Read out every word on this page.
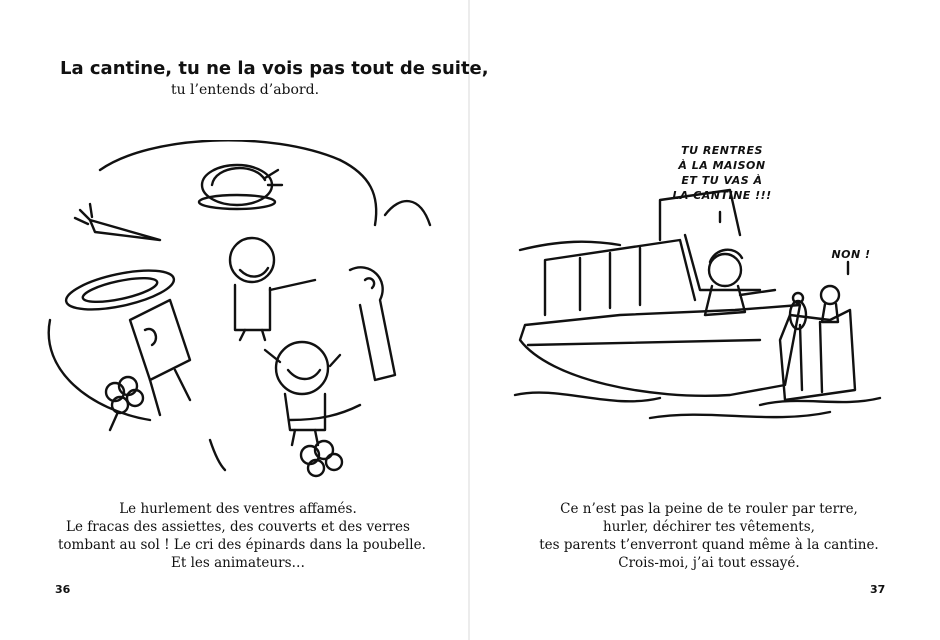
La cantine, tu ne la vois pas tout de suite,
tu l’entends d’abord.
Le hurlement des ventres affamés.
Le fracas des assiettes, des couverts et des verres
tombant au sol ! Le cri des épinards dans la poubelle.
Et les animateurs…
36
TU RENTRES
À LA MAISON
ET TU VAS À
LA CANTINE !!!
NON !
Ce n’est pas la peine de te rouler par terre,
hurler, déchirer tes vêtements,
tes parents t’enverront quand même à la cantine.
Crois-moi, j’ai tout essayé.
37
